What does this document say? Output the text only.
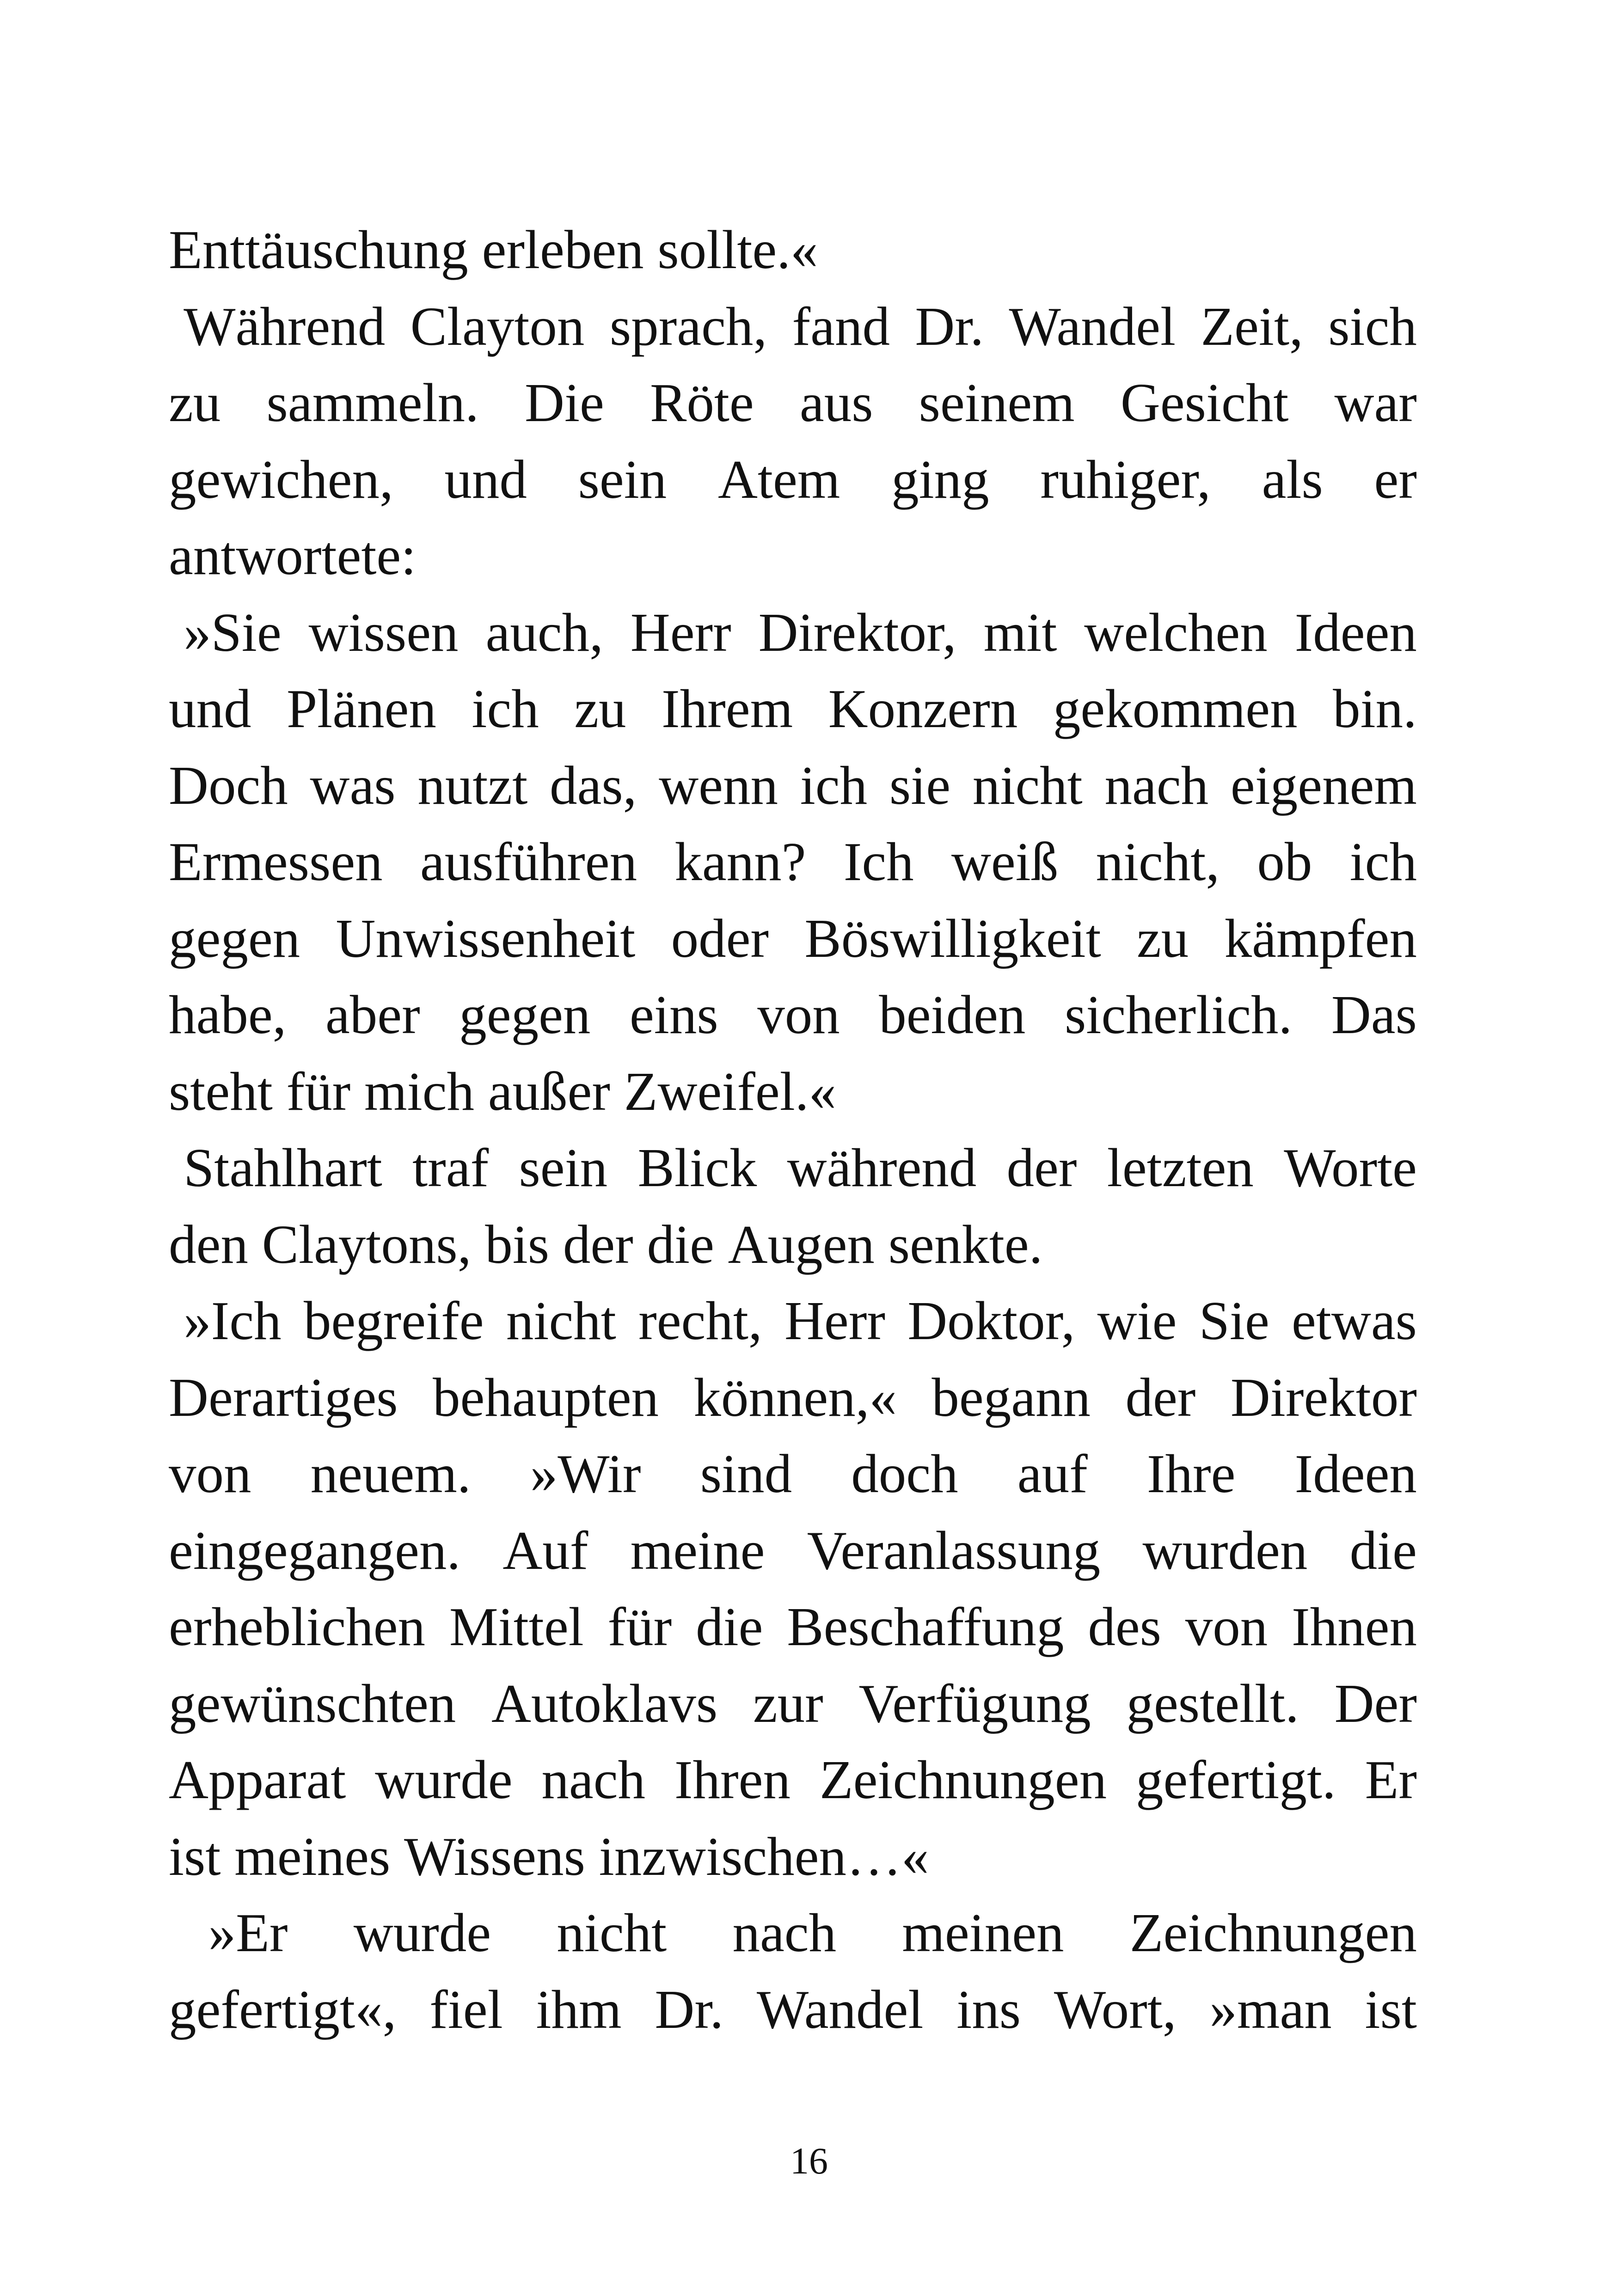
Enttäuschung erleben sollte.«
Während Clayton sprach, fand Dr. Wandel Zeit, sich
zu sammeln. Die Röte aus seinem Gesicht war
gewichen, und sein Atem ging ruhiger, als er
antwortete:
»Sie wissen auch, Herr Direktor, mit welchen Ideen
und Plänen ich zu Ihrem Konzern gekommen bin.
Doch was nutzt das, wenn ich sie nicht nach eigenem
Ermessen ausführen kann? Ich weiß nicht, ob ich
gegen Unwissenheit oder Böswilligkeit zu kämpfen
habe, aber gegen eins von beiden sicherlich. Das
steht für mich außer Zweifel.«
Stahlhart traf sein Blick während der letzten Worte
den Claytons, bis der die Augen senkte.
»Ich begreife nicht recht, Herr Doktor, wie Sie etwas
Derartiges behaupten können,« begann der Direktor
von neuem. »Wir sind doch auf Ihre Ideen
eingegangen. Auf meine Veranlassung wurden die
erheblichen Mittel für die Beschaffung des von Ihnen
gewünschten Autoklavs zur Verfügung gestellt. Der
Apparat wurde nach Ihren Zeichnungen gefertigt. Er
ist meines Wissens inzwischen…«
»Er wurde nicht nach meinen Zeichnungen
gefertigt«, fiel ihm Dr. Wandel ins Wort, »man ist
16
